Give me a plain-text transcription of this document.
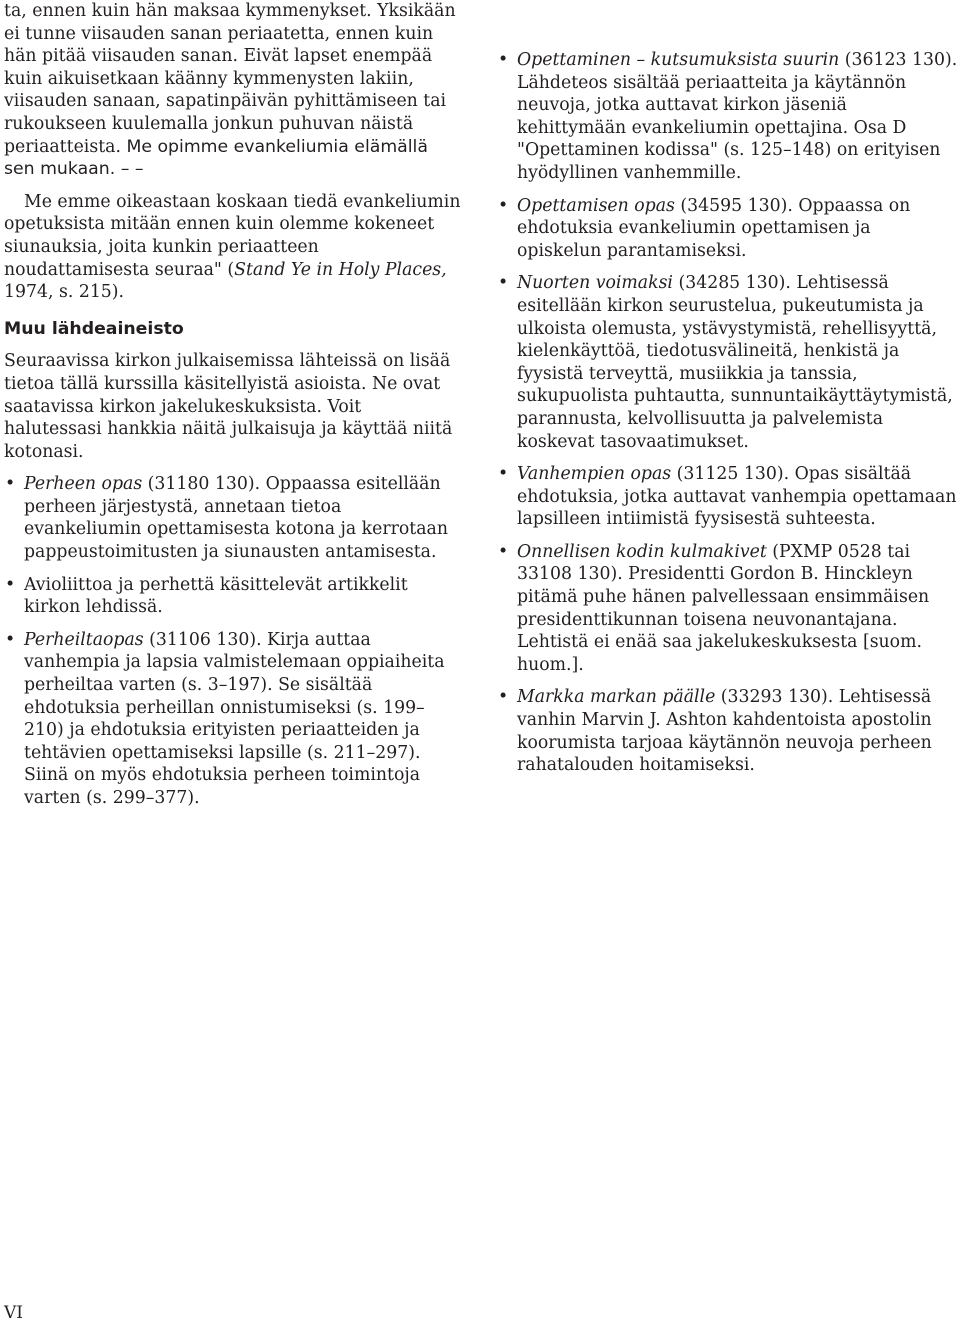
ta, ennen kuin hän maksaa kymmenykset. Yksikään ei tunne viisauden sanan periaatetta, ennen kuin hän pitää viisauden sanan. Eivät lapset enempää kuin aikuisetkaan käänny kymmenysten lakiin, viisauden sanaan, sapatinpäivän pyhittämiseen tai rukoukseen kuulemalla jonkun puhuvan näistä periaatteista. Me opimme evankeliumia elämällä sen mukaan. – –

Me emme oikeastaan koskaan tiedä evankeliumin opetuksista mitään ennen kuin olemme kokeneet siunauksia, joita kunkin periaatteen noudattamisesta seuraa" (Stand Ye in Holy Places, 1974, s. 215).

Muu lähdeaineisto

Seuraavissa kirkon julkaisemissa lähteissä on lisää tietoa tällä kurssilla käsitellyistä asioista. Ne ovat saatavissa kirkon jakelukeskuksista. Voit halutessasi hankkia näitä julkaisuja ja käyttää niitä kotonasi.

• Perheen opas (31180 130). Oppaassa esitellään perheen järjestystä, annetaan tietoa evankeliumin opettamisesta kotona ja kerrotaan pappeustoimitusten ja siunausten antamisesta.
• Avioliittoa ja perhettä käsittelevät artikkelit kirkon lehdissä.
• Perheiltaopas (31106 130). Kirja auttaa vanhempia ja lapsia valmistelemaan oppiaiheita perheiltaa varten (s. 3–197). Se sisältää ehdotuksia perheillan onnistumiseksi (s. 199–210) ja ehdotuksia erityisten periaatteiden ja tehtävien opettamiseksi lapsille (s. 211–297). Siinä on myös ehdotuksia perheen toimintoja varten (s. 299–377).
• Opettaminen – kutsumuksista suurin (36123 130). Lähdeteos sisältää periaatteita ja käytännön neuvoja, jotka auttavat kirkon jäseniä kehittymään evankeliumin opettajina. Osa D "Opettaminen kodissa" (s. 125–148) on erityisen hyödyllinen vanhemmille.
• Opettamisen opas (34595 130). Oppaassa on ehdotuksia evankeliumin opettamisen ja opiskelun parantamiseksi.
• Nuorten voimaksi (34285 130). Lehtisessä esitellään kirkon seurustelua, pukeutumista ja ulkoista olemusta, ystävystymistä, rehellisyyttä, kielenkäyttöä, tiedotusvälineitä, henkistä ja fyysistä terveyttä, musiikkia ja tanssia, sukupuolista puhtautta, sunnuntaikäyttäytymistä, parannusta, kelvollisuutta ja palvelemista koskevat tasovaatimukset.
• Vanhempien opas (31125 130). Opas sisältää ehdotuksia, jotka auttavat vanhempia opettamaan lapsilleen intiimistä fyysisestä suhteesta.
• Onnellisen kodin kulmakivet (PXMP 0528 tai 33108 130). Presidentti Gordon B. Hinckleyn pitämä puhe hänen palvellessaan ensimmäisen presidenttikunnan toisena neuvonantajana. Lehtistä ei enää saa jakelukeskuksesta [suom. huom.].
• Markka markan päälle (33293 130). Lehtisessä vanhin Marvin J. Ashton kahdentoista apostolin koorumista tarjoaa käytännön neuvoja perheen rahatalouden hoitamiseksi.
VI
